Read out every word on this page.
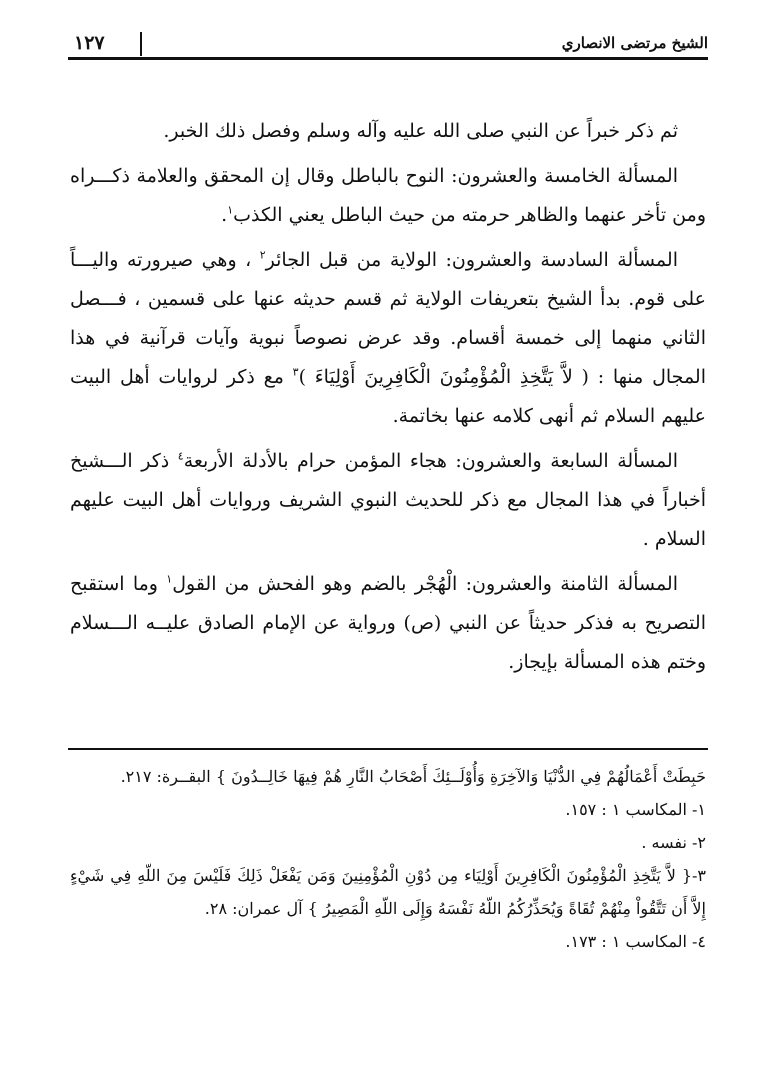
الشيخ مرتضى الانصاري
١٢٧

ثم ذكر خبراً عن النبي صلى الله عليه وآله وسلم وفصل ذلك الخبر.

المسألة الخامسة والعشرون: النوح بالباطل وقال إن المحقق والعلامة ذكـــراه ومن تأخر عنهما والظاهر حرمته من حيث الباطل يعني الكذب$^١$.

المسألة السادسة والعشرون: الولاية من قبل الجائر$^٢$ ، وهي صيرورته واليـــاً على قوم. بدأ الشيخ بتعريفات الولاية ثم قسم حديثه عنها على قسمين ، فـــصل الثاني منهما إلى خمسة أقسام. وقد عرض نصوصاً نبوية وآيات قرآنية في هذا المجال منها : ( لاَّ يَتَّخِذِ الْمُؤْمِنُونَ الْكَافِرِينَ أَوْلِيَاءَ )$^٣$ مع ذكر لروايات أهل البيت عليهم السلام ثم أنهى كلامه عنها بخاتمة.

المسألة السابعة والعشرون: هجاء المؤمن حرام بالأدلة الأربعة$^٤$ ذكر الـــشيخ أخباراً في هذا المجال مع ذكر للحديث النبوي الشريف وروايات أهل البيت عليهم السلام .

المسألة الثامنة والعشرون: الْهُجْر بالضم وهو الفحش من القول$^١$ وما استقبح التصريح به فذكر حديثاً عن النبي (ص) ورواية عن الإمام الصادق عليــه الـــسلام وختم هذه المسألة بإيجاز.

حَبِطَتْ أَعْمَالُهُمْ فِي الدُّنْيَا وَالآخِرَةِ وَأُوْلَــئِكَ أَصْحَابُ النَّارِ هُمْ فِيهَا خَالِــدُونَ } البقــرة: ٢١٧.

١- المكاسب ١ : ١٥٧.

٢- نفسه .

٣-{ لاَّ يَتَّخِذِ الْمُؤْمِنُونَ الْكَافِرِينَ أَوْلِيَاء مِن دُوْنِ الْمُؤْمِنِينَ وَمَن يَفْعَلْ ذَلِكَ فَلَيْسَ مِنَ اللّهِ فِي شَيْءٍ إِلاَّ أَن تَتَّقُواْ مِنْهُمْ تُقَاةً وَيُحَذِّرُكُمُ اللّهُ نَفْسَهُ وَإِلَى اللّهِ الْمَصِيرُ } آل عمران: ٢٨.

٤- المكاسب ١ : ١٧٣.
